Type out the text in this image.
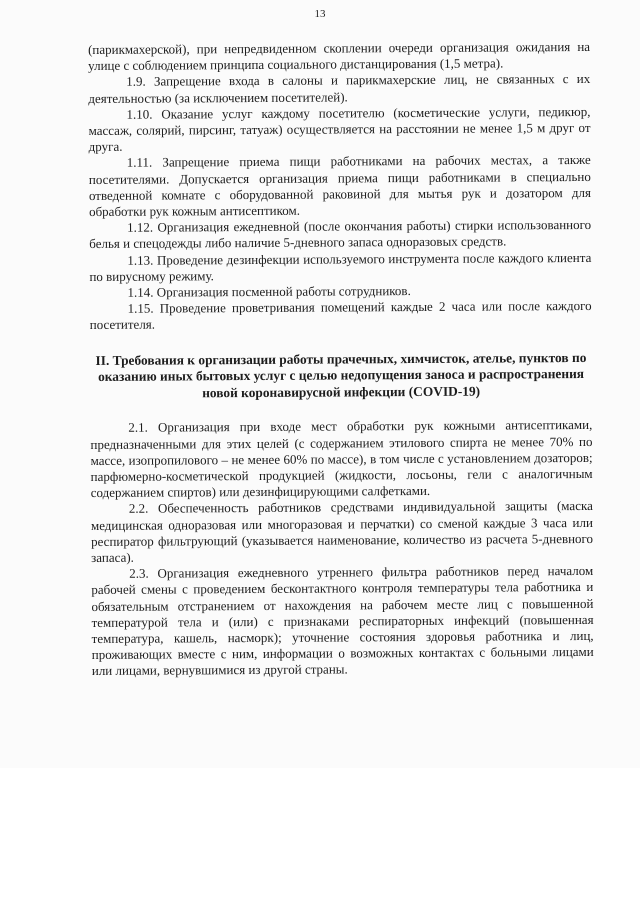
13

(парикмахерской), при непредвиденном скоплении очереди организация ожидания на улице с соблюдением принципа социального дистанцирования (1,5 метра).

1.9. Запрещение входа в салоны и парикмахерские лиц, не связанных с их деятельностью (за исключением посетителей).

1.10. Оказание услуг каждому посетителю (косметические услуги, педикюр, массаж, солярий, пирсинг, татуаж) осуществляется на расстоянии не менее 1,5 м друг от друга.

1.11. Запрещение приема пищи работниками на рабочих местах, а также посетителями. Допускается организация приема пищи работниками в специально отведенной комнате с оборудованной раковиной для мытья рук и дозатором для обработки рук кожным антисептиком.

1.12. Организация ежедневной (после окончания работы) стирки использованного белья и спецодежды либо наличие 5-дневного запаса одноразовых средств.

1.13. Проведение дезинфекции используемого инструмента после каждого клиента по вирусному режиму.

1.14. Организация посменной работы сотрудников.

1.15. Проведение проветривания помещений каждые 2 часа или после каждого посетителя.

II. Требования к организации работы прачечных, химчисток, ателье, пунктов по оказанию иных бытовых услуг с целью недопущения заноса и распространения новой коронавирусной инфекции (COVID-19)

2.1. Организация при входе мест обработки рук кожными антисептиками, предназначенными для этих целей (с содержанием этилового спирта не менее 70% по массе, изопропилового – не менее 60% по массе), в том числе с установлением дозаторов; парфюмерно-косметической продукцией (жидкости, лосьоны, гели с аналогичным содержанием спиртов) или дезинфицирующими салфетками.

2.2. Обеспеченность работников средствами индивидуальной защиты (маска медицинская одноразовая или многоразовая и перчатки) со сменой каждые 3 часа или респиратор фильтрующий (указывается наименование, количество из расчета 5-дневного запаса).

2.3. Организация ежедневного утреннего фильтра работников перед началом рабочей смены с проведением бесконтактного контроля температуры тела работника и обязательным отстранением от нахождения на рабочем месте лиц с повышенной температурой тела и (или) с признаками респираторных инфекций (повышенная температура, кашель, насморк); уточнение состояния здоровья работника и лиц, проживающих вместе с ним, информации о возможных контактах с больными лицами или лицами, вернувшимися из другой страны.
